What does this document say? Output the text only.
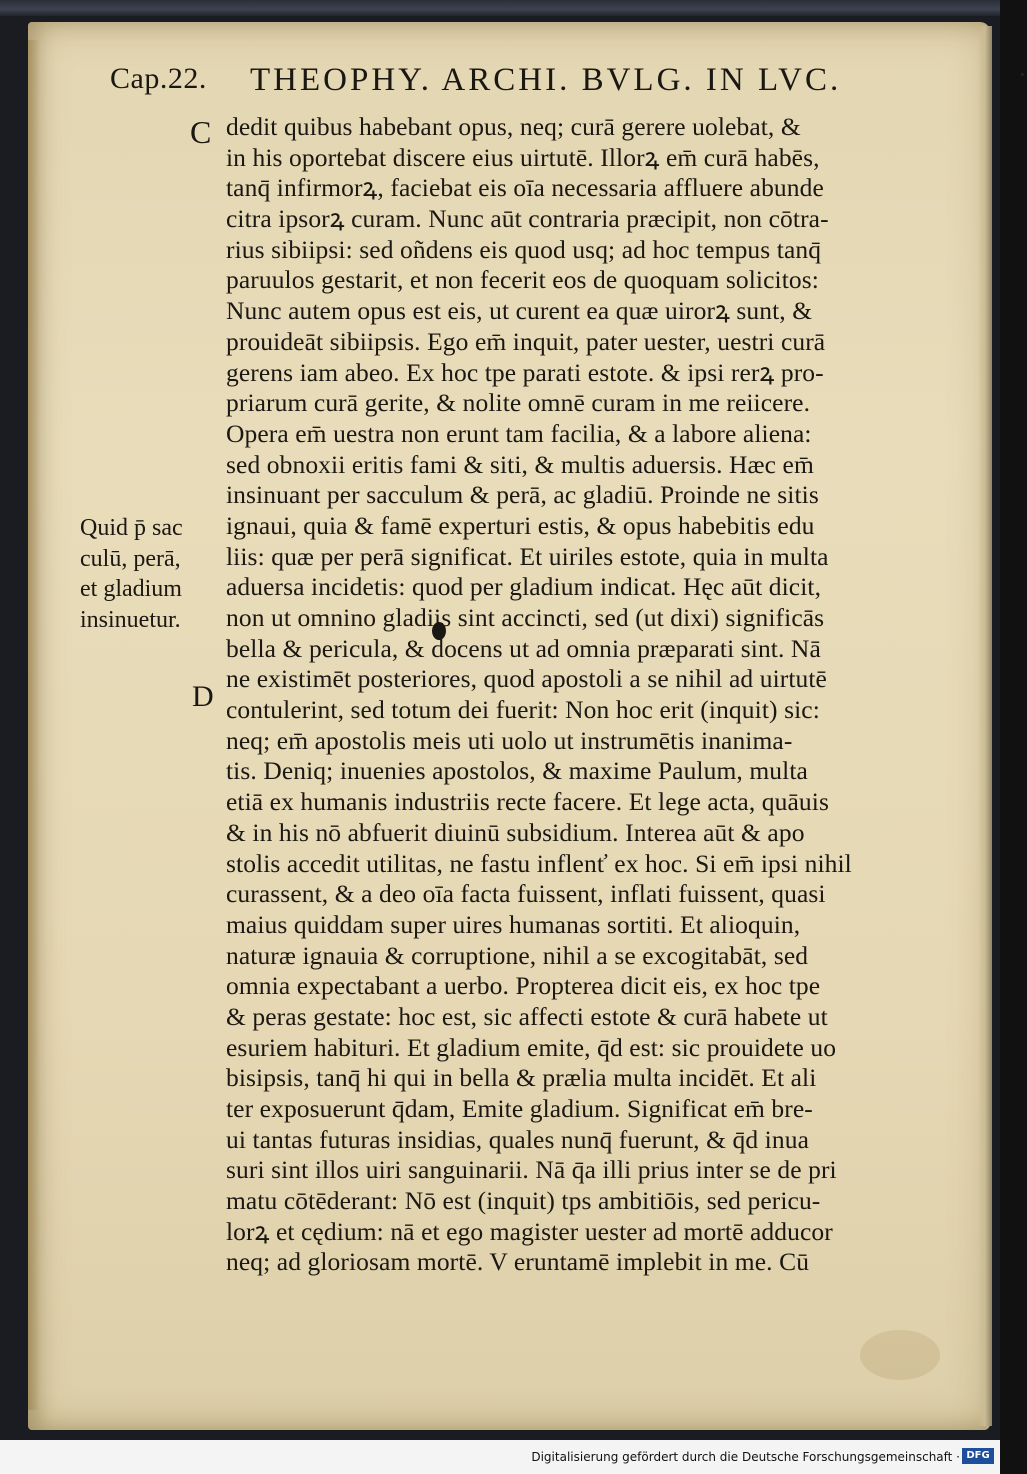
Cap.22. THEOPHY. ARCHI. BVLG. IN LVC.	·
C
D
dedit quibus habebant opus, neq; curā gerere uolebat, &
in his oportebat discere eius uirtutē. Illorꝝ em̄ curā habēs,
tanq̄ infirmorꝝ, faciebat eis oīa necessaria affluere abunde
citra ipsorꝝ curam. Nunc aūt contraria præcipit, non cōtra-
rius sibiipsi: sed oñdens eis quod usq; ad hoc tempus tanq̄
paruulos gestarit, et non fecerit eos de quoquam solicitos:
Nunc autem opus est eis, ut curent ea quæ uirorꝝ sunt, &
prouideāt sibiipsis. Ego em̄ inquit, pater uester, uestri curā
gerens iam abeo. Ex hoc tpe parati estote. & ipsi rerꝝ pro-
priarum curā gerite, & nolite omnē curam in me reiicere.
Opera em̄ uestra non erunt tam facilia, & a labore aliena:
sed obnoxii eritis fami & siti, & multis aduersis. Hæc em̄
insinuant per sacculum & perā, ac gladiū. Proinde ne sitis
ignaui, quia & famē experturi estis, & opus habebitis edu
liis: quæ per perā significat. Et uiriles estote, quia in multa
aduersa incidetis: quod per gladium indicat. Hęc aūt dicit,
non ut omnino gladiis sint accincti, sed (ut dixi) significās
bella & pericula, & docens ut ad omnia præparati sint. Nā
ne existimēt posteriores, quod apostoli a se nihil ad uirtutē
contulerint, sed totum dei fuerit: Non hoc erit (inquit) sic:
neq; em̄ apostolis meis uti uolo ut instrumētis inanima-
tis. Deniq; inuenies apostolos, & maxime Paulum, multa
etiā ex humanis industriis recte facere. Et lege acta, quāuis
& in his nō abfuerit diuinū subsidium. Interea aūt & apo
stolis accedit utilitas, ne fastu inflenť ex hoc. Si em̄ ipsi nihil
curassent, & a deo oīa facta fuissent, inflati fuissent, quasi
maius quiddam super uires humanas sortiti. Et alioquin,
naturæ ignauia & corruptione, nihil a se excogitabāt, sed
omnia expectabant a uerbo. Propterea dicit eis, ex hoc tpe
& peras gestate: hoc est, sic affecti estote & curā habete ut
esuriem habituri. Et gladium emite, q̄d est: sic prouidete uo
bisipsis, tanq̄ hi qui in bella & prælia multa incidēt. Et ali
ter exposuerunt q̄dam, Emite gladium. Significat em̄ bre-
ui tantas futuras insidias, quales nunq̄ fuerunt, & q̄d inua
suri sint illos uiri sanguinarii. Nā q̄a illi prius inter se de pri
matu cōtēderant: Nō est (inquit) tps ambitiōis, sed pericu-
lorꝝ et cędium: nā et ego magister uester ad mortē adducor
neq; ad gloriosam mortē. V eruntamē implebit in me. Cū
Quid p̄ sac
culū, perā,
et gladium
insinuetur.
Digitalisierung gefördert durch die Deutsche Forschungsgemeinschaft · DFG
